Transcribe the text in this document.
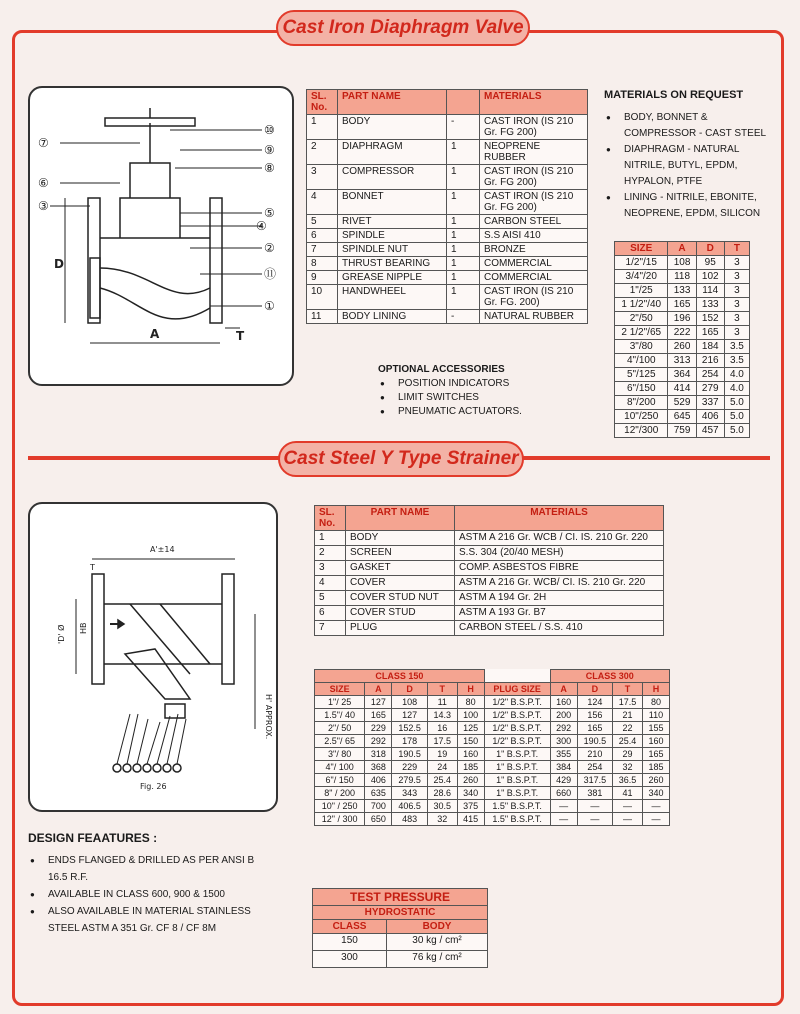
Cast Iron Diaphragm Valve
⑦
⑥
③
⑩
⑨
⑧
⑤
④
②
⑪
①
D
A	T
SL. No.	PART NAME		MATERIALS
1	BODY	-	CAST IRON (IS 210 Gr. FG 200)
2	DIAPHRAGM	1	NEOPRENE RUBBER
3	COMPRESSOR	1	CAST IRON (IS 210 Gr. FG 200)
4	BONNET	1	CAST IRON (IS 210 Gr. FG 200)
5	RIVET	1	CARBON STEEL
6	SPINDLE	1	S.S AISI 410
7	SPINDLE NUT	1	BRONZE
8	THRUST BEARING	1	COMMERCIAL
9	GREASE NIPPLE	1	COMMERCIAL
10	HANDWHEEL	1	CAST IRON (IS 210 Gr. FG. 200)
11	BODY LINING	-	NATURAL RUBBER
MATERIALS ON REQUEST
● BODY, BONNET & COMPRESSOR - CAST STEEL
● DIAPHRAGM - NATURAL NITRILE, BUTYL, EPDM, HYPALON, PTFE
● LINING - NITRILE, EBONITE, NEOPRENE, EPDM, SILICON
SIZE	A	D	T
1/2"/15	108	95	3
3/4"/20	118	102	3
1"/25	133	114	3
1 1/2"/40	165	133	3
2"/50	196	152	3
2 1/2"/65	222	165	3
3"/80	260	184	3.5
4"/100	313	216	3.5
5"/125	364	254	4.0
6"/150	414	279	4.0
8"/200	529	337	5.0
10"/250	645	406	5.0
12"/300	759	457	5.0
OPTIONAL ACCESSORIES
● POSITION INDICATORS
● LIMIT SWITCHES
● PNEUMATIC ACTUATORS.
Cast Steel Y Type Strainer
A'±14
T
'D' Ø
H' APPROX.
HB
Fig. 26
SL. No.	PART NAME	MATERIALS
1	BODY	ASTM A 216 Gr. WCB / CI. IS. 210 Gr. 220
2	SCREEN	S.S. 304 (20/40 MESH)
3	GASKET	COMP. ASBESTOS FIBRE
4	COVER	ASTM A 216 Gr. WCB/ CI. IS. 210 Gr. 220
5	COVER STUD NUT	ASTM A 194 Gr. 2H
6	COVER STUD	ASTM A 193 Gr. B7
7	PLUG	CARBON STEEL / S.S. 410
CLASS 150						CLASS 300			
SIZE	A	D	T	H	PLUG SIZE	A	D	T	H
1"/ 25	127	108	11	80	1/2" B.S.P.T.	160	124	17.5	80
1.5"/ 40	165	127	14.3	100	1/2" B.S.P.T.	200	156	21	110
2"/ 50	229	152.5	16	125	1/2" B.S.P.T.	292	165	22	155
2.5"/ 65	292	178	17.5	150	1/2" B.S.P.T.	300	190.5	25.4	160
3"/ 80	318	190.5	19	160	1" B.S.P.T.	355	210	29	165
4"/ 100	368	229	24	185	1" B.S.P.T.	384	254	32	185
6"/ 150	406	279.5	25.4	260	1" B.S.P.T.	429	317.5	36.5	260
8" / 200	635	343	28.6	340	1" B.S.P.T.	660	381	41	340
10" / 250	700	406.5	30.5	375	1.5" B.S.P.T.	—	—	—	—
12" / 300	650	483	32	415	1.5" B.S.P.T.	—	—	—	—
DESIGN FEAATURES :
● ENDS FLANGED & DRILLED AS PER ANSI B 16.5 R.F.
● AVAILABLE IN CLASS 600, 900 & 1500
● ALSO AVAILABLE IN MATERIAL STAINLESS STEEL ASTM A 351 Gr. CF 8 / CF 8M
TEST PRESSURE	
HYDROSTATIC	
CLASS	BODY
150	30 kg / cm²
300	76 kg / cm²
